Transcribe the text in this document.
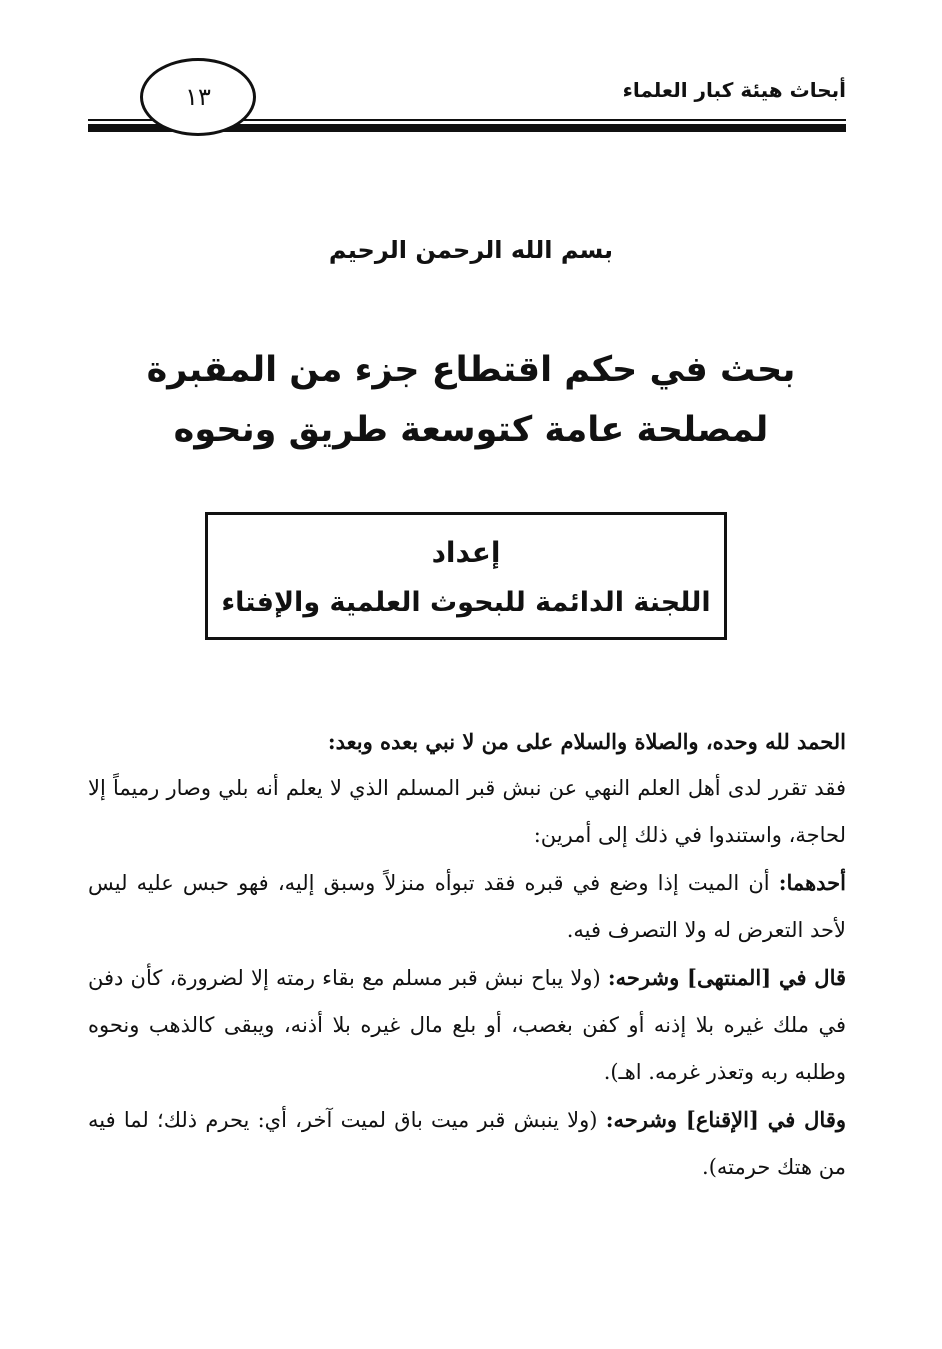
أبحاث هيئة كبار العلماء
١٣
بسم الله الرحمن الرحيم
بحث في حكم اقتطاع جزء من المقبرة
لمصلحة عامة كتوسعة طريق ونحوه
إعداد
اللجنة الدائمة للبحوث العلمية والإفتاء

الحمد لله وحده، والصلاة والسلام على من لا نبي بعده وبعد:

فقد تقرر لدى أهل العلم النهي عن نبش قبر المسلم الذي لا يعلم أنه بلي وصار رميماً إلا لحاجة، واستندوا في ذلك إلى أمرين:

أحدهما: أن الميت إذا وضع في قبره فقد تبوأه منزلاً وسبق إليه، فهو حبس عليه ليس لأحد التعرض له ولا التصرف فيه.

قال في [المنتهى] وشرحه: (ولا يباح نبش قبر مسلم مع بقاء رمته إلا لضرورة، كأن دفن في ملك غيره بلا إذنه أو كفن بغصب، أو بلع مال غيره بلا أذنه، ويبقى كالذهب ونحوه وطلبه ربه وتعذر غرمه. اهـ).

وقال في [الإقناع] وشرحه: (ولا ينبش قبر ميت باق لميت آخر، أي: يحرم ذلك؛ لما فيه من هتك حرمته).
